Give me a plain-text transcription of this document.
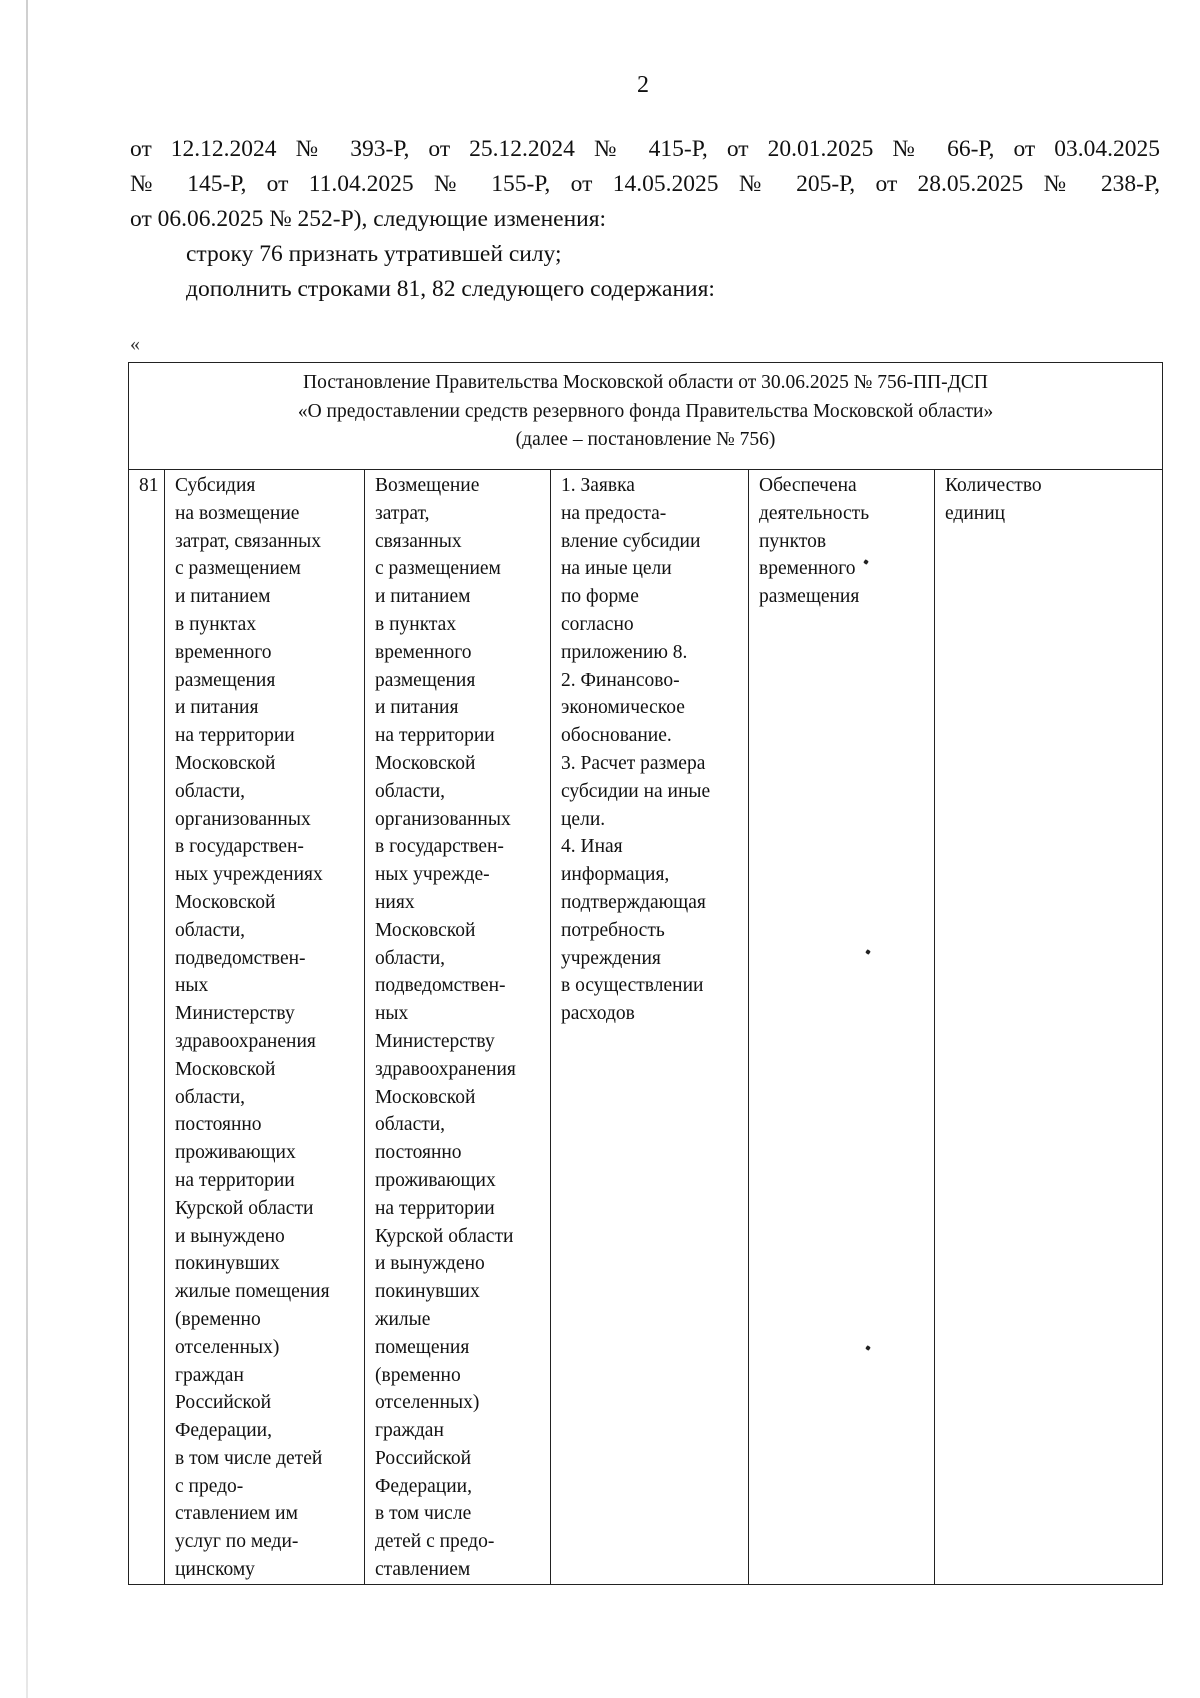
2
от 12.12.2024 № 393-Р, от 25.12.2024 № 415-Р, от 20.01.2025 № 66-Р, от 03.04.2025
№ 145-Р, от 11.04.2025 № 155-Р, от 14.05.2025 № 205-Р, от 28.05.2025 № 238-Р,
от 06.06.2025 № 252-Р), следующие изменения:
строку 76 признать утратившей силу;
дополнить строками 81, 82 следующего содержания:
«
Постановление Правительства Московской области от 30.06.2025 № 756-ПП-ДСП
«О предоставлении средств резервного фонда Правительства Московской области»
(далее – постановление № 756)

81	Субсидия
на возмещение
затрат, связанных
с размещением
и питанием
в пунктах
временного
размещения
и питания
на территории
Московской
области,
организованных
в государствен-
ных учреждениях
Московской
области,
подведомствен-
ных
Министерству
здравоохранения
Московской
области,
постоянно
проживающих
на территории
Курской области
и вынуждено
покинувших
жилые помещения
(временно
отселенных)
граждан
Российской
Федерации,
в том числе детей
с предо-
ставлением им
услуг по меди-
цинскому

Возмещение
затрат,
связанных
с размещением
и питанием
в пунктах
временного
размещения
и питания
на территории
Московской
области,
организованных
в государствен-
ных учрежде-
ниях
Московской
области,
подведомствен-
ных
Министерству
здравоохранения
Московской
области,
постоянно
проживающих
на территории
Курской области
и вынуждено
покинувших
жилые
помещения
(временно
отселенных)
граждан
Российской
Федерации,
в том числе
детей с предо-
ставлением

1. Заявка
на предоста-
вление субсидии
на иные цели
по форме
согласно
приложению 8.
2. Финансово-
экономическое
обоснование.
3. Расчет размера
субсидии на иные
цели.
4. Иная
информация,
подтверждающая
потребность
учреждения
в осуществлении
расходов

Обеспечена
деятельность
пунктов
временного
размещения

Количество
единиц
